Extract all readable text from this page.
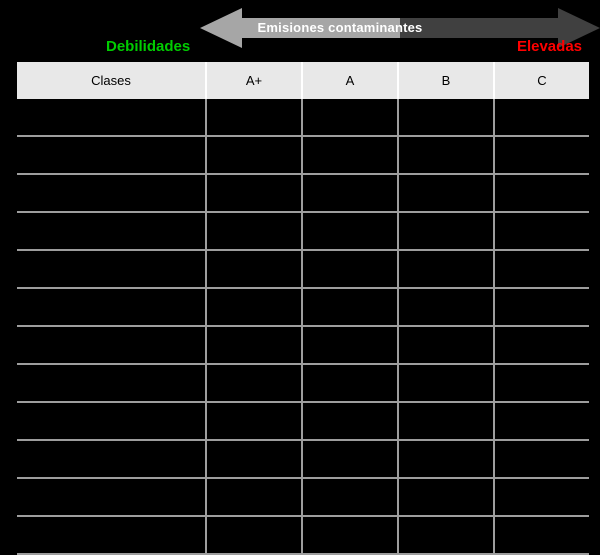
Emisiones contaminantes
Debilidades	Elevadas
Clases	A+	A	B	C
